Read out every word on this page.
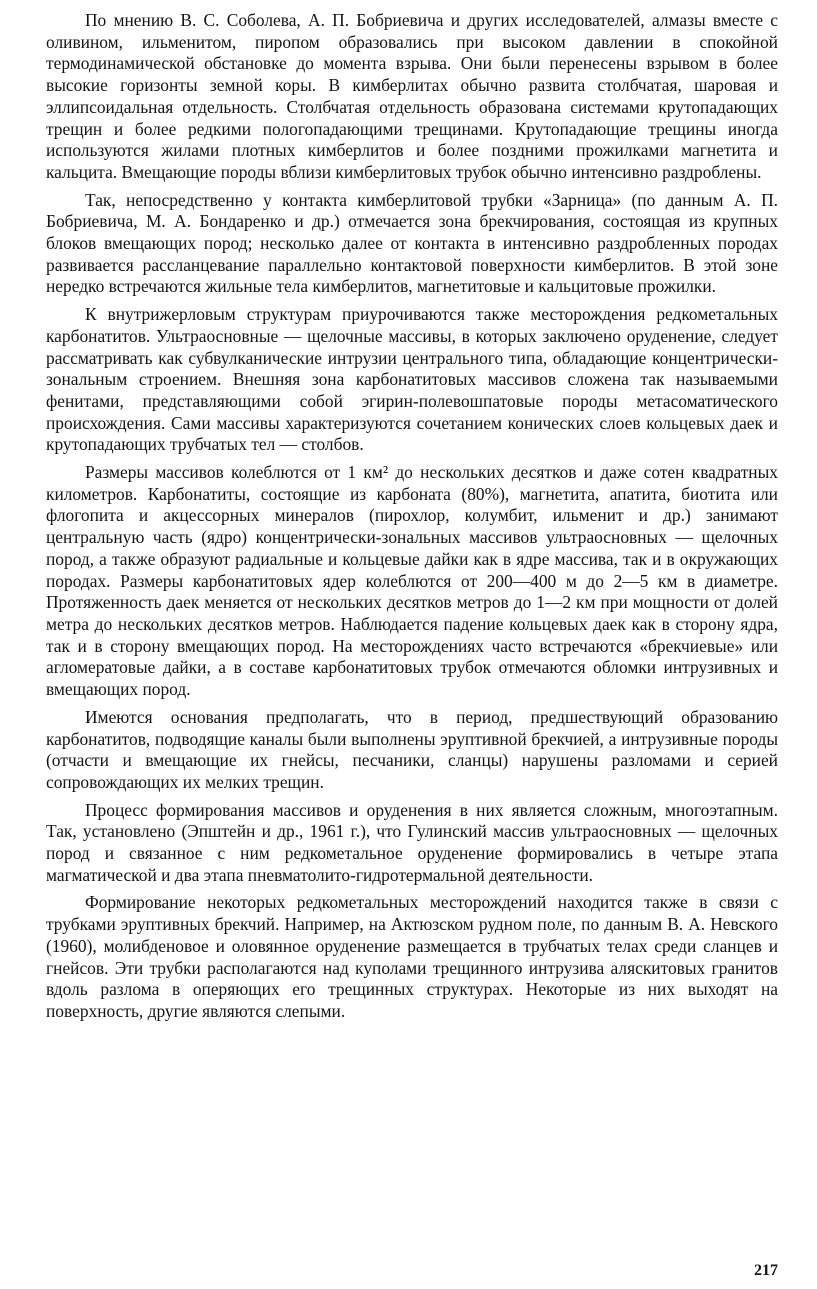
По мнению В. С. Соболева, А. П. Бобриевича и других исследователей, алмазы вместе с оливином, ильменитом, пиропом образовались при высоком давлении в спокойной термодинамической обстановке до момента взрыва. Они были перенесены взрывом в более высокие горизонты земной коры. В кимберлитах обычно развита столбчатая, шаровая и эллипсоидальная отдельность. Столбчатая отдельность образована системами крутопадающих трещин и более редкими пологопадающими трещинами. Крутопадающие трещины иногда используются жилами плотных кимберлитов и более поздними прожилками магнетита и кальцита. Вмещающие породы вблизи кимберлитовых трубок обычно интенсивно раздроблены.

Так, непосредственно у контакта кимберлитовой трубки «Зарница» (по данным А. П. Бобриевича, М. А. Бондаренко и др.) отмечается зона брекчирования, состоящая из крупных блоков вмещающих пород; несколько далее от контакта в интенсивно раздробленных породах развивается рассланцевание параллельно контактовой поверхности кимберлитов. В этой зоне нередко встречаются жильные тела кимберлитов, магнетитовые и кальцитовые прожилки.

К внутрижерловым структурам приурочиваются также месторождения редкометальных карбонатитов. Ультраосновные — щелочные массивы, в которых заключено оруденение, следует рассматривать как субвулканические интрузии центрального типа, обладающие концентрически-зональным строением. Внешняя зона карбонатитовых массивов сложена так называемыми фенитами, представляющими собой эгирин-полевошпатовые породы метасоматического происхождения. Сами массивы характеризуются сочетанием конических слоев кольцевых даек и крутопадающих трубчатых тел — столбов.

Размеры массивов колеблются от 1 км² до нескольких десятков и даже сотен квадратных километров. Карбонатиты, состоящие из карбоната (80%), магнетита, апатита, биотита или флогопита и акцессорных минералов (пирохлор, колумбит, ильменит и др.) занимают центральную часть (ядро) концентрически-зональных массивов ультраосновных — щелочных пород, а также образуют радиальные и кольцевые дайки как в ядре массива, так и в окружающих породах. Размеры карбонатитовых ядер колеблются от 200—400 м до 2—5 км в диаметре. Протяженность даек меняется от нескольких десятков метров до 1—2 км при мощности от долей метра до нескольких десятков метров. Наблюдается падение кольцевых даек как в сторону ядра, так и в сторону вмещающих пород. На месторождениях часто встречаются «брекчиевые» или агломератовые дайки, а в составе карбонатитовых трубок отмечаются обломки интрузивных и вмещающих пород.

Имеются основания предполагать, что в период, предшествующий образованию карбонатитов, подводящие каналы были выполнены эруптивной брекчией, а интрузивные породы (отчасти и вмещающие их гнейсы, песчаники, сланцы) нарушены разломами и серией сопровождающих их мелких трещин.

Процесс формирования массивов и оруденения в них является сложным, многоэтапным. Так, установлено (Эпштейн и др., 1961 г.), что Гулинский массив ультраосновных — щелочных пород и связанное с ним редкометальное оруденение формировались в четыре этапа магматической и два этапа пневматолито-гидротермальной деятельности.

Формирование некоторых редкометальных месторождений находится также в связи с трубками эруптивных брекчий. Например, на Актюзском рудном поле, по данным В. А. Невского (1960), молибденовое и оловянное оруденение размещается в трубчатых телах среди сланцев и гнейсов. Эти трубки располагаются над куполами трещинного интрузива аляскитовых гранитов вдоль разлома в оперяющих его трещинных структурах. Некоторые из них выходят на поверхность, другие являются слепыми.

217
